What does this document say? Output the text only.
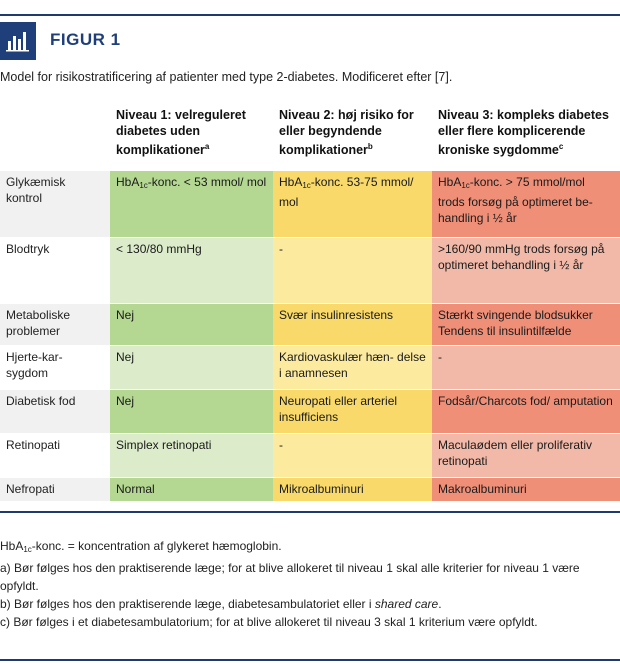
FIGUR 1
Model for risikostratificering af patienter med type 2-diabetes. Modificeret efter [7].
	Niveau 1: velreguleret diabetes uden komplikationer$^a$	Niveau 2: høj risiko for eller begyndende komplikationer$^b$	Niveau 3: kompleks diabetes eller flere komplicerende kroniske sygdomme$^c$
Glykæmisk kontrol	HbA$_{1c}$-konc. < 53 mmol/ mol	HbA$_{1c}$-konc. 53-75 mmol/ mol	HbA$_{1c}$-konc. > 75 mmol/mol trods forsøg på optimeret be- handling i ½ år
Blodtryk	< 130/80 mmHg	-	>160/90 mmHg trods forsøg på optimeret behandling i ½ år
Metaboliske problemer	Nej	Svær insulinresistens	Stærkt svingende blodsukker Tendens til insulintilfælde
Hjerte-kar- sygdom	Nej	Kardiovaskulær hæn- delse i anamnesen	-
Diabetisk fod	Nej	Neuropati eller arteriel insufficiens	Fodsår/Charcots fod/ amputation
Retinopati	Simplex retinopati	-	Maculaødem eller proliferativ retinopati
Nefropati	Normal	Mikroalbuminuri	Makroalbuminuri

HbA$_{1c}$-konc. = koncentration af glykeret hæmoglobin.

a) Bør følges hos den praktiserende læge; for at blive allokeret til niveau 1 skal alle kriterier for niveau 1 være opfyldt.

b) Bør følges hos den praktiserende læge, diabetesambulatoriet eller i shared care.

c) Bør følges i et diabetesambulatorium; for at blive allokeret til niveau 3 skal 1 kriterium være opfyldt.
